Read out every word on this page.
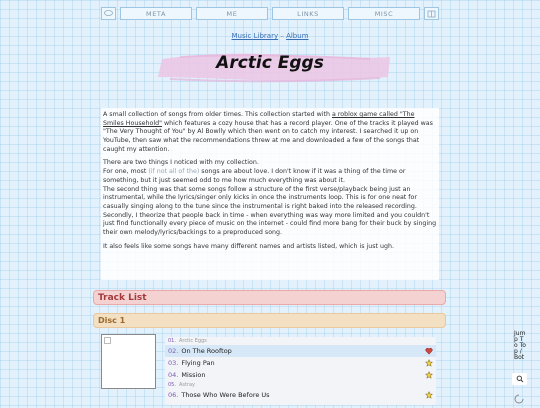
META	ME	LINKS	MISC
Music Library – Album
Arctic Eggs

A small collection of songs from older times. This collection started with a roblox game called "The Smiles Household" which features a cozy house that has a record player. One of the tracks it played was "The Very Thought of You" by Al Bowlly which then went on to catch my interest. I searched it up on YouTube, then saw what the recommendations threw at me and downloaded a few of the songs that caught my attention.

There are two things I noticed with my collection.
For one, most (if not all of the) songs are about love. I don't know if it was a thing of the time or something, but it just seemed odd to me how much everything was about it.
The second thing was that some songs follow a structure of the first verse/playback being just an instrumental, while the lyrics/singer only kicks in once the instruments loop. This is for one neat for casually singing along to the tune since the instrumental is right baked into the released recording.
Secondly, I theorize that people back in time - when everything was way more limited and you couldn't just find functionally every piece of music on the internet - could find more bang for their buck by singing their own melody/lyrics/backings to a preproduced song.

It also feels like some songs have many different names and artists listed, which is just ugh.

Track List
Disc 1
01. Arctic Eggs
02. On The Rooftop
03. Flying Pan
04. Mission
05. Astray
06. Those Who Were Before Us
Jump To Top / Bot
